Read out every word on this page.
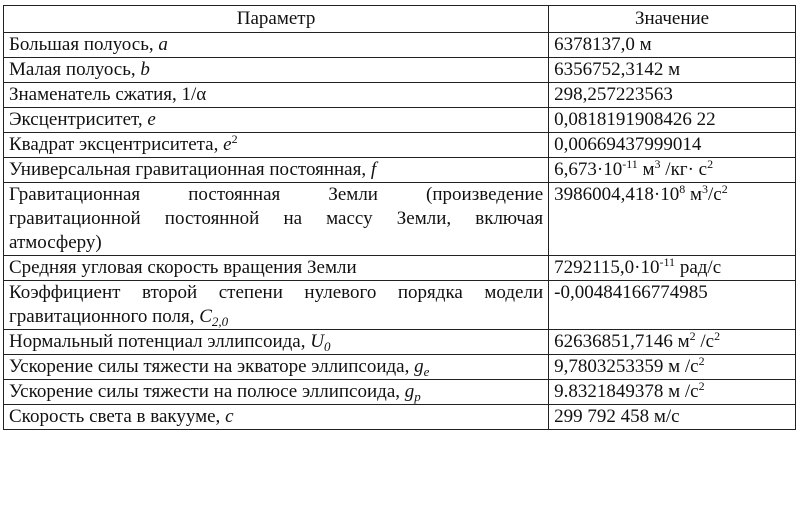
Параметр	Значение
Большая полуось, a	6378137,0 м
Малая полуось, b	6356752,3142 м
Знаменатель сжатия, 1/α	298,257223563
Эксцентриситет, e	0,0818191908426 22
Квадрат эксцентриситета, $e^2$	0,00669437999014
Универсальная гравитационная постоянная, f	$6,673\cdot 10^{-11}$ $м^3$ $/кг\cdot с^2$
Гравитационная постоянная Земли (произведение гравитационной постоянной на массу Земли, включая атмосферу)	$3986004,418\cdot 10^8$ $м^3/с^2$
Средняя угловая скорость вращения Земли	$7292115,0\cdot 10^{-11}$ рад/с
Коэффициент второй степени нулевого порядка модели гравитационного поля, $C_{2,0}$	-0,00484166774985
Нормальный потенциал эллипсоида, $U_0$	62636851,7146 $м^2$ $/с^2$
Ускорение силы тяжести на экваторе эллипсоида, $g_e$	9,7803253359 м $/с^2$
Ускорение силы тяжести на полюсе эллипсоида, $g_p$	9.8321849378 м $/с^2$
Скорость света в вакууме, c	299 792 458 м/с
